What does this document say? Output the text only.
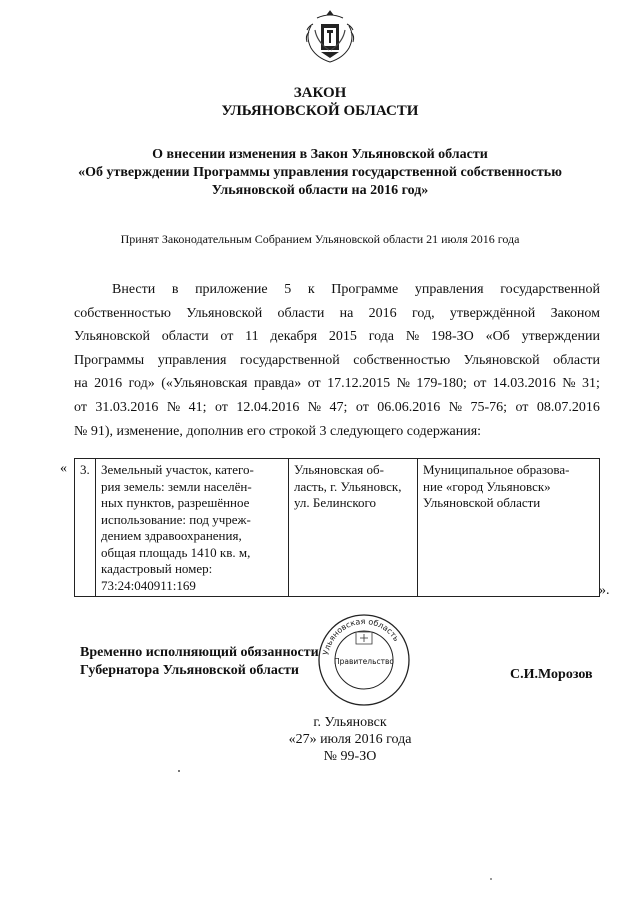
ЗАКОН
УЛЬЯНОВСКОЙ ОБЛАСТИ
О внесении изменения в Закон Ульяновской области
«Об утверждении Программы управления государственной собственностью
Ульяновской области на 2016 год»
Принят Законодательным Собранием Ульяновской области 21 июля 2016 года
Внести в приложение 5 к Программе управления государственной
собственностью Ульяновской области на 2016 год, утверждённой Законом
Ульяновской области от 11 декабря 2015 года № 198-ЗО «Об утверждении
Программы управления государственной собственностью Ульяновской области
на 2016 год» («Ульяновская правда» от 17.12.2015 № 179-180; от 14.03.2016 № 31;
от 31.03.2016 № 41; от 12.04.2016 № 47; от 06.06.2016 № 75-76; от 08.07.2016
№ 91), изменение, дополнив его строкой 3 следующего содержания:
« 3.	Земельный участок, катего-
рия земель: земли населён-
ных пунктов, разрешённое
использование: под учреж-
дением здравоохранения,
общая площадь 1410 кв. м,
кадастровый номер:
73:24:040911:169

Ульяновская об-
ласть, г. Ульяновск,
ул. Белинского

Муниципальное образова-
ние «город Ульяновск»
Ульяновской области
».
Временно исполняющий обязанности
Губернатора Ульяновской области
Ульяновская область
Правительство
С.И.Морозов
г. Ульяновск
«27» июля 2016 года
№ 99-ЗО
